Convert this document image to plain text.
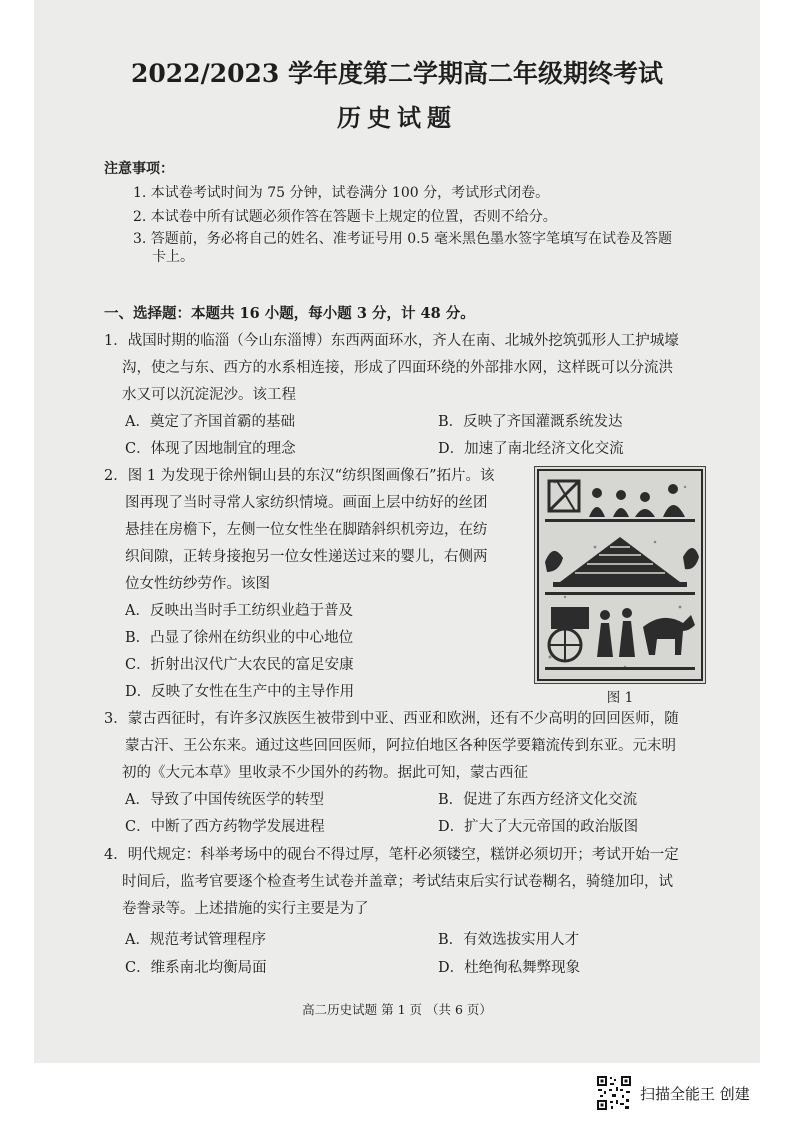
2022/2023 学年度第二学期高二年级期终考试
历史试题
注意事项：
1. 本试卷考试时间为 75 分钟，试卷满分 100 分，考试形式闭卷。
2. 本试卷中所有试题必须作答在答题卡上规定的位置，否则不给分。
3. 答题前，务必将自己的姓名、准考证号用 0.5 毫米黑色墨水签字笔填写在试卷及答题
卡上。
一、选择题：本题共 16 小题，每小题 3 分，计 48 分。
1．战国时期的临淄（今山东淄博）东西两面环水，齐人在南、北城外挖筑弧形人工护城壕
沟，使之与东、西方的水系相连接，形成了四面环绕的外部排水网，这样既可以分流洪
水又可以沉淀泥沙。该工程
A．奠定了齐国首霸的基础	B．反映了齐国灌溉系统发达
C．体现了因地制宜的理念	D．加速了南北经济文化交流
2．图 1 为发现于徐州铜山县的东汉“纺织图画像石”拓片。该
图再现了当时寻常人家纺织情境。画面上层中纺好的丝团
悬挂在房檐下，左侧一位女性坐在脚踏斜织机旁边，在纺
织间隙，正转身接抱另一位女性递送过来的婴儿，右侧两
位女性纺纱劳作。该图
A．反映出当时手工纺织业趋于普及
B．凸显了徐州在纺织业的中心地位
C．折射出汉代广大农民的富足安康
D．反映了女性在生产中的主导作用	图 1
3．蒙古西征时，有许多汉族医生被带到中亚、西亚和欧洲，还有不少高明的回回医师，随
蒙古汗、王公东来。通过这些回回医师，阿拉伯地区各种医学要籍流传到东亚。元末明
初的《大元本草》里收录不少国外的药物。据此可知，蒙古西征
A．导致了中国传统医学的转型	B．促进了东西方经济文化交流
C．中断了西方药物学发展进程	D．扩大了大元帝国的政治版图
4．明代规定：科举考场中的砚台不得过厚，笔杆必须镂空，糕饼必须切开；考试开始一定
时间后，监考官要逐个检查考生试卷并盖章；考试结束后实行试卷糊名，骑缝加印，试
卷誊录等。上述措施的实行主要是为了
A．规范考试管理程序	B．有效选拔实用人才
C．维系南北均衡局面	D．杜绝徇私舞弊现象
高二历史试题 第 1 页 （共 6 页）
扫描全能王 创建
